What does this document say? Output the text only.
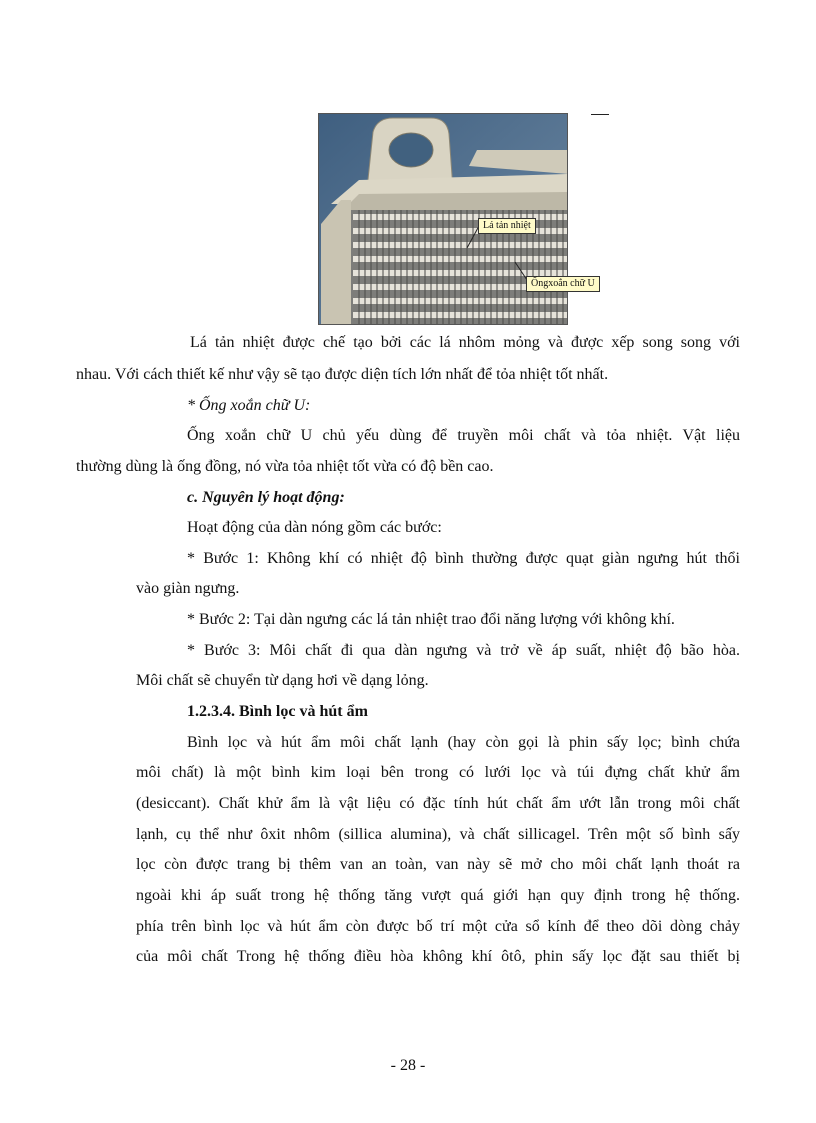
Lá tản nhiệt
Ốngxoắn chữ U
Lá tản nhiệt được chế tạo bởi các lá nhôm mỏng và được xếp song song với
nhau. Với cách thiết kế như vậy sẽ tạo được diện tích lớn nhất để tỏa nhiệt tốt nhất.
* Ống xoắn chữ U:
Ống xoắn chữ U chủ yếu dùng để truyền môi chất và tỏa nhiệt. Vật liệu
thường dùng là ống đồng, nó vừa tỏa nhiệt tốt vừa có độ bền cao.
c. Nguyên lý hoạt động:
Hoạt động của dàn nóng gồm các bước:
* Bước 1: Không khí có nhiệt độ bình thường được quạt giàn ngưng hút thổi
vào giàn ngưng.
* Bước 2: Tại dàn ngưng các lá tản nhiệt trao đổi năng lượng với không khí.
* Bước 3: Môi chất đi qua dàn ngưng và trở về áp suất, nhiệt độ bão hòa.
Môi chất sẽ chuyển từ dạng hơi về dạng lỏng.
1.2.3.4. Bình lọc và hút ẩm
Bình lọc và hút ẩm môi chất lạnh (hay còn gọi là phin sấy lọc; bình chứa
môi chất) là một bình kim loại bên trong có lưới lọc và túi đựng chất khử ẩm
(desiccant). Chất khử ẩm là vật liệu có đặc tính hút chất ẩm ướt lẫn trong môi chất
lạnh, cụ thể như ôxit nhôm (sillica alumina), và chất sillicagel. Trên một số bình sấy
lọc còn được trang bị thêm van an toàn, van này sẽ mở cho môi chất lạnh thoát ra
ngoài khi áp suất trong hệ thống tăng vượt quá giới hạn quy định trong hệ thống.
phía trên bình lọc và hút ẩm còn được bố trí một cửa sổ kính để theo dõi dòng chảy
của môi chất Trong hệ thống điều hòa không khí ôtô, phin sấy lọc đặt sau thiết bị
- 28 -
